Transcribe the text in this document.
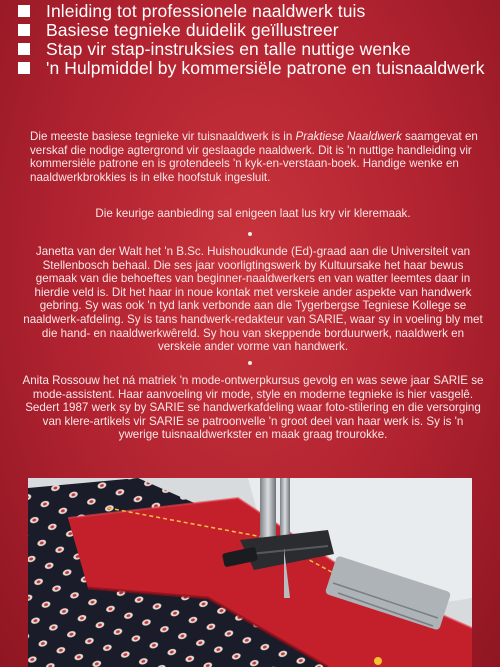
Inleiding tot professionele naaldwerk tuis
Basiese tegnieke duidelik geïllustreer
Stap vir stap-instruksies en talle nuttige wenke
'n Hulpmiddel by kommersiële patrone en tuisnaaldwerk

Die meeste basiese tegnieke vir tuisnaaldwerk is in Praktiese Naaldwerk saamgevat en verskaf die nodige agtergrond vir geslaagde naaldwerk. Dit is 'n nuttige handleiding vir kommersiële patrone en is grotendeels 'n kyk-en-verstaan-boek. Handige wenke en naaldwerkbrokkies is in elke hoofstuk ingesluit.

Die keurige aanbieding sal enigeen laat lus kry vir kleremaak.

Janetta van der Walt het 'n B.Sc. Huishoudkunde (Ed)-graad aan die Universiteit van Stellenbosch behaal. Die ses jaar voorligtingswerk by Kultuursake het haar bewus gemaak van die behoeftes van beginner-naaldwerkers en van watter leemtes daar in hierdie veld is. Dit het haar in noue kontak met verskeie ander aspekte van handwerk gebring. Sy was ook 'n tyd lank verbonde aan die Tygerbergse Tegniese Kollege se naaldwerk-afdeling. Sy is tans handwerk-redakteur van SARIE, waar sy in voeling bly met die hand- en naaldwerkwêreld. Sy hou van skeppende borduurwerk, naaldwerk en verskeie ander vorme van handwerk.

Anita Rossouw het ná matriek 'n mode-ontwerpkursus gevolg en was sewe jaar SARIE se mode-assistent. Haar aanvoeling vir mode, style en moderne tegnieke is hier vasgelê. Sedert 1987 werk sy by SARIE se handwerkafdeling waar foto-stilering en die versorging van klere-artikels vir SARIE se patroonvelle 'n groot deel van haar werk is. Sy is 'n ywerige tuisnaaldwerkster en maak graag trourokke.
